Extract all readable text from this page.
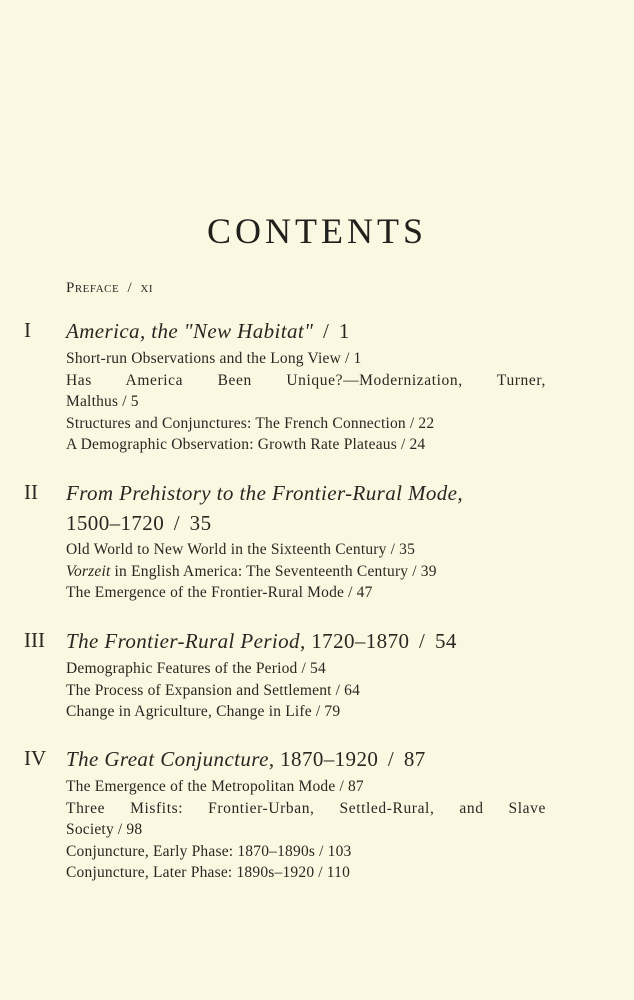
CONTENTS
Preface / xi
I America, the "New Habitat" / 1
Short-run Observations and the Long View / 1
Has America Been Unique?—Modernization, Turner,
Malthus / 5
Structures and Conjunctures: The French Connection / 22
A Demographic Observation: Growth Rate Plateaus / 24
II From Prehistory to the Frontier-Rural Mode,
1500–1720 / 35
Old World to New World in the Sixteenth Century / 35
Vorzeit in English America: The Seventeenth Century / 39
The Emergence of the Frontier-Rural Mode / 47
III The Frontier-Rural Period, 1720–1870 / 54
Demographic Features of the Period / 54
The Process of Expansion and Settlement / 64
Change in Agriculture, Change in Life / 79
IV The Great Conjuncture, 1870–1920 / 87
The Emergence of the Metropolitan Mode / 87
Three Misfits: Frontier-Urban, Settled-Rural, and Slave
Society / 98
Conjuncture, Early Phase: 1870–1890s / 103
Conjuncture, Later Phase: 1890s–1920 / 110
